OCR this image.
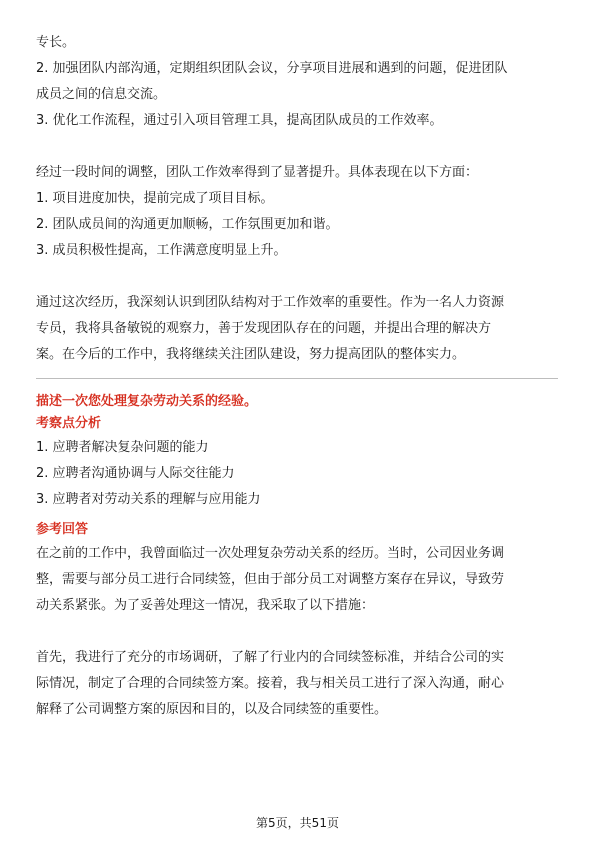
专长。

2. 加强团队内部沟通，定期组织团队会议，分享项目进展和遇到的问题，促进团队

成员之间的信息交流。

3. 优化工作流程，通过引入项目管理工具，提高团队成员的工作效率。

经过一段时间的调整，团队工作效率得到了显著提升。具体表现在以下方面：

1. 项目进度加快，提前完成了项目目标。

2. 团队成员间的沟通更加顺畅，工作氛围更加和谐。

3. 成员积极性提高，工作满意度明显上升。

通过这次经历，我深刻认识到团队结构对于工作效率的重要性。作为一名人力资源

专员，我将具备敏锐的观察力，善于发现团队存在的问题，并提出合理的解决方

案。在今后的工作中，我将继续关注团队建设，努力提高团队的整体实力。

描述一次您处理复杂劳动关系的经验。

考察点分析

1. 应聘者解决复杂问题的能力

2. 应聘者沟通协调与人际交往能力

3. 应聘者对劳动关系的理解与应用能力

参考回答

在之前的工作中，我曾面临过一次处理复杂劳动关系的经历。当时，公司因业务调

整，需要与部分员工进行合同续签，但由于部分员工对调整方案存在异议，导致劳

动关系紧张。为了妥善处理这一情况，我采取了以下措施：

首先，我进行了充分的市场调研，了解了行业内的合同续签标准，并结合公司的实

际情况，制定了合理的合同续签方案。接着，我与相关员工进行了深入沟通，耐心

解释了公司调整方案的原因和目的，以及合同续签的重要性。

第5页，共51页
